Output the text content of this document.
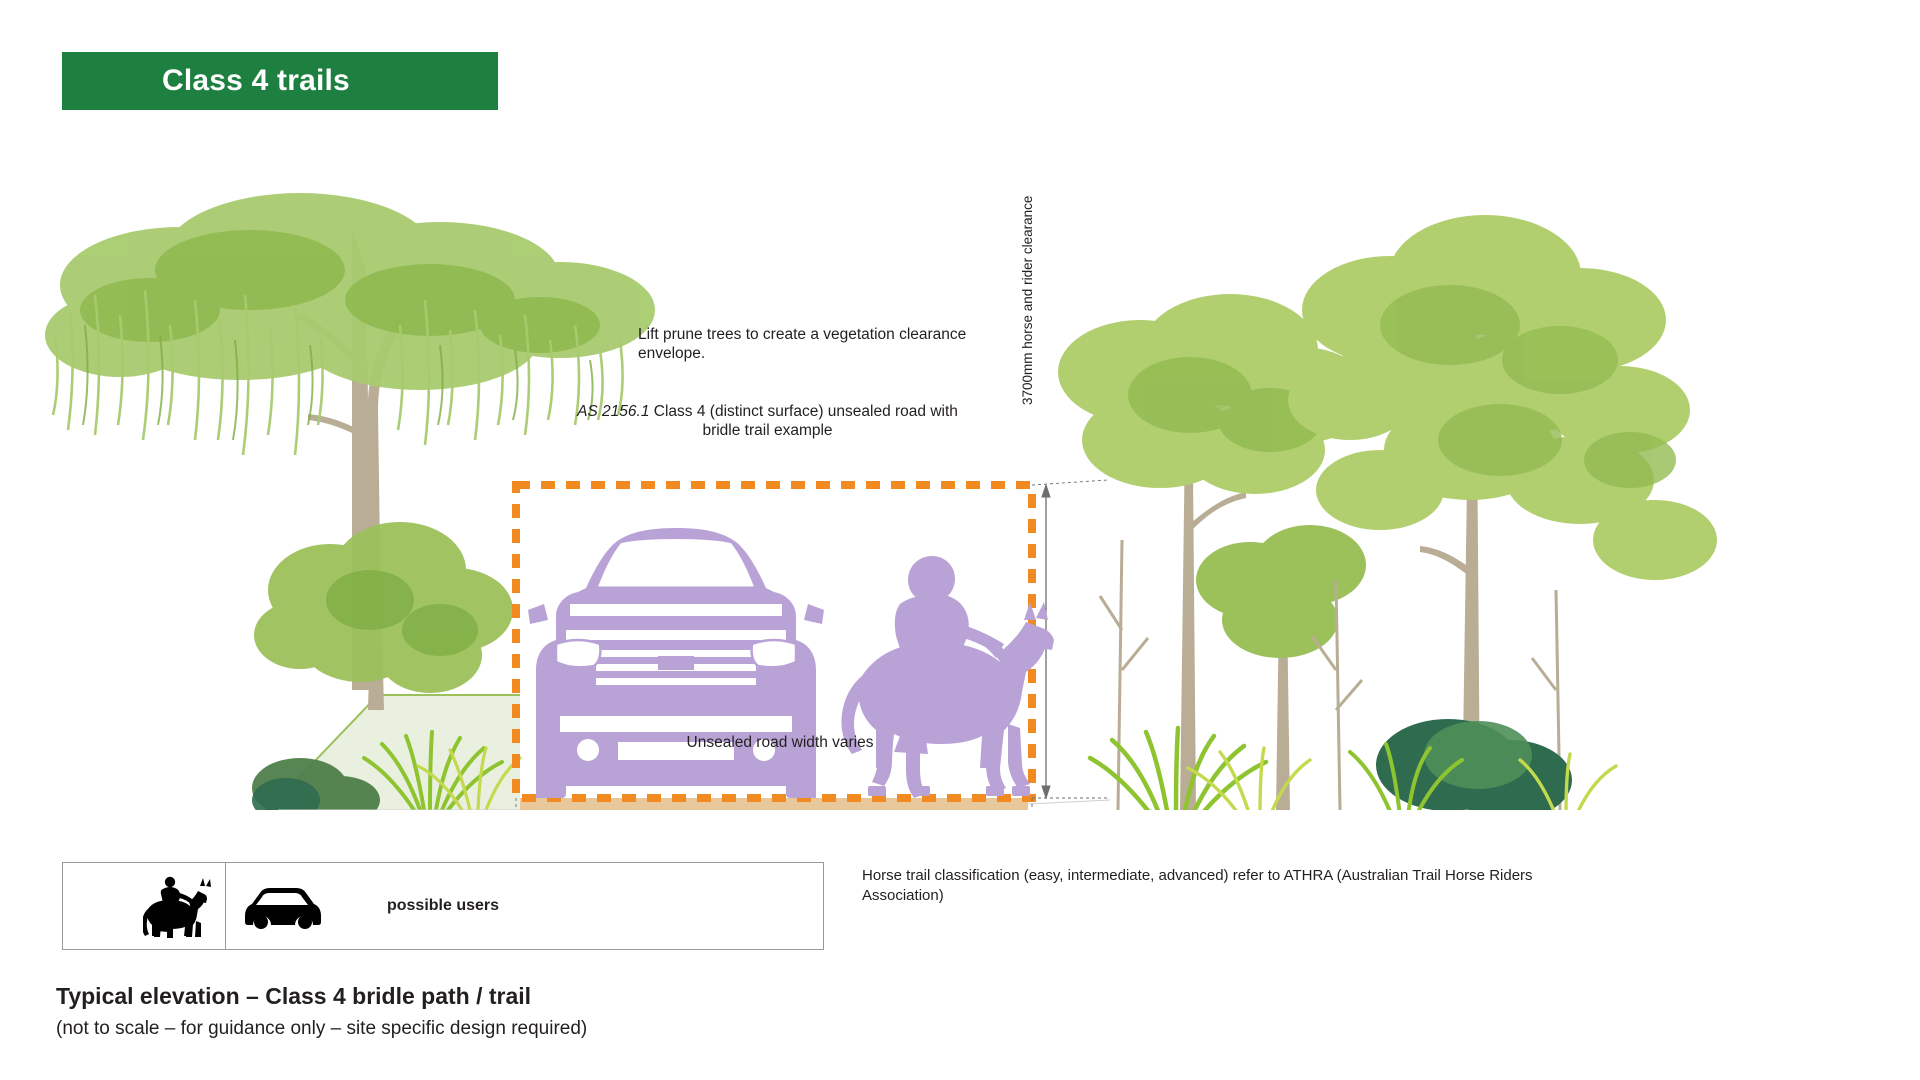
Class 4 trails
Lift prune trees to create a vegetation clearance envelope.
AS 2156.1 Class 4 (distinct surface) unsealed road with bridle trail example
Unsealed road width varies
3700mm horse and rider clearance
possible users
Horse trail classification (easy, intermediate, advanced) refer to ATHRA (Australian Trail Horse Riders Association)
Typical elevation – Class 4 bridle path / trail
(not to scale – for guidance only – site specific design required)
